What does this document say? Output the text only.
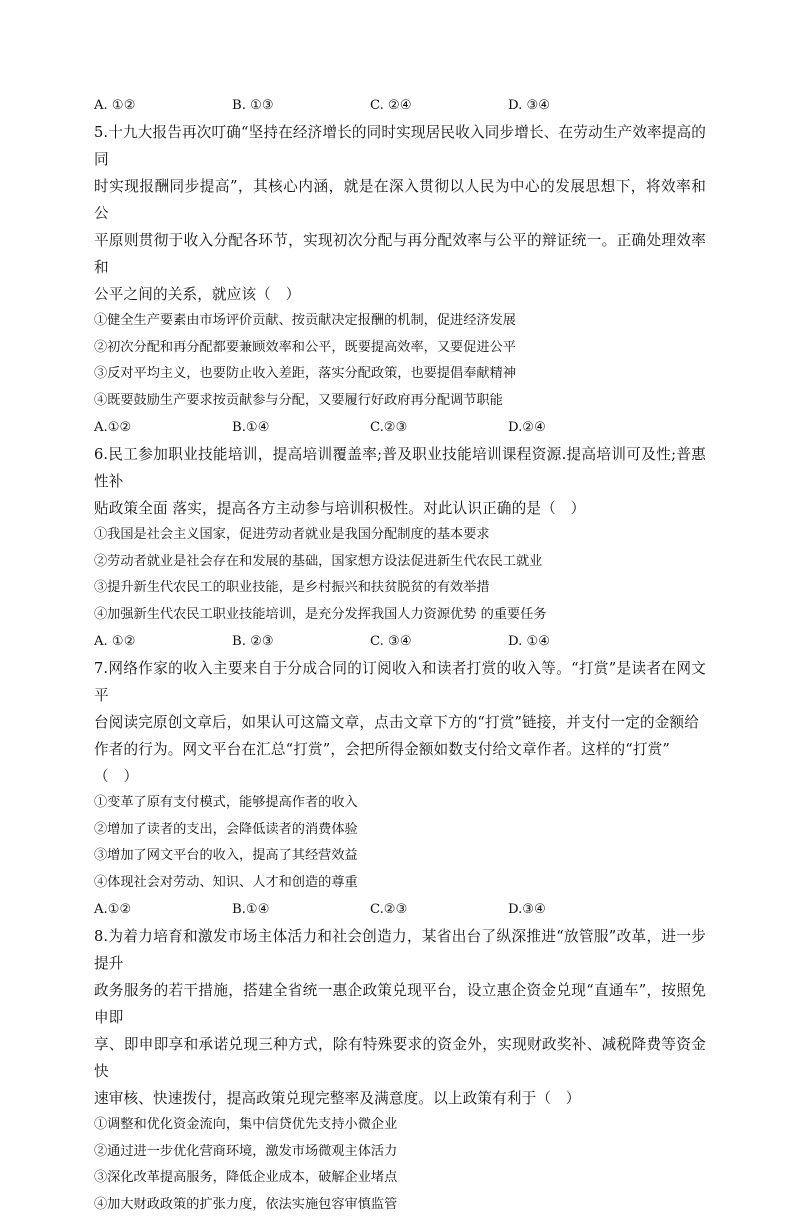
A. ①②	B. ①③	C. ②④	D. ③④
5.十九大报告再次叮确“坚持在经济增长的同时实现居民收入同步增长、在劳动生产效率提高的同
时实现报酬同步提高”，其核心内涵，就是在深入贯彻以人民为中心的发展思想下，将效率和公
平原则贯彻于收入分配各环节，实现初次分配与再分配效率与公平的辩证统一。正确处理效率和
公平之间的关系，就应该（　）
①健全生产要素由市场评价贡献、按贡献决定报酬的机制，促进经济发展
②初次分配和再分配都要兼顾效率和公平，既要提高效率，又要促进公平
③反对平均主义，也要防止收入差距，落实分配政策，也要提倡奉献精神
④既要鼓励生产要求按贡献参与分配，又要履行好政府再分配调节职能
A.①②	B.①④	C.②③	D.②④
6.民工参加职业技能培训，提高培训覆盖率;普及职业技能培训课程资源.提高培训可及性;普惠性补
贴政策全面 落实，提高各方主动参与培训积极性。对此认识正确的是（　）
①我国是社会主义国家，促进劳动者就业是我国分配制度的基本要求
②劳动者就业是社会存在和发展的基础，国家想方设法促进新生代农民工就业
③提升新生代农民工的职业技能，是乡村振兴和扶贫脱贫的有效举措
④加强新生代农民工职业技能培训，是充分发挥我国人力资源优势 的重要任务
A. ①②	B. ②③	C. ③④	D. ①④
7.网络作家的收入主要来自于分成合同的订阅收入和读者打赏的收入等。“打赏”是读者在网文平
台阅读完原创文章后，如果认可这篇文章，点击文章下方的“打赏”链接，并支付一定的金额给
作者的行为。网文平台在汇总“打赏”，会把所得金额如数支付给文章作者。这样的“打赏”
（　）
①变革了原有支付模式，能够提高作者的收入
②增加了读者的支出，会降低读者的消费体验
③增加了网文平台的收入，提高了其经营效益
④体现社会对劳动、知识、人才和创造的尊重
A.①②	B.①④	C.②③	D.③④
8.为着力培育和激发市场主体活力和社会创造力，某省出台了纵深推进“放管服”改革，进一步提升
政务服务的若干措施，搭建全省统一惠企政策兑现平台，设立惠企资金兑现“直通车”，按照免申即
享、即申即享和承诺兑现三种方式，除有特殊要求的资金外，实现财政奖补、减税降费等资金快
速审核、快速拨付，提高政策兑现完整率及满意度。以上政策有利于（　）
①调整和优化资金流向，集中信贷优先支持小微企业
②通过进一步优化营商环境，激发市场微观主体活力
③深化改革提高服务，降低企业成本，破解企业堵点
④加大财政政策的扩张力度，依法实施包容审慎监管
